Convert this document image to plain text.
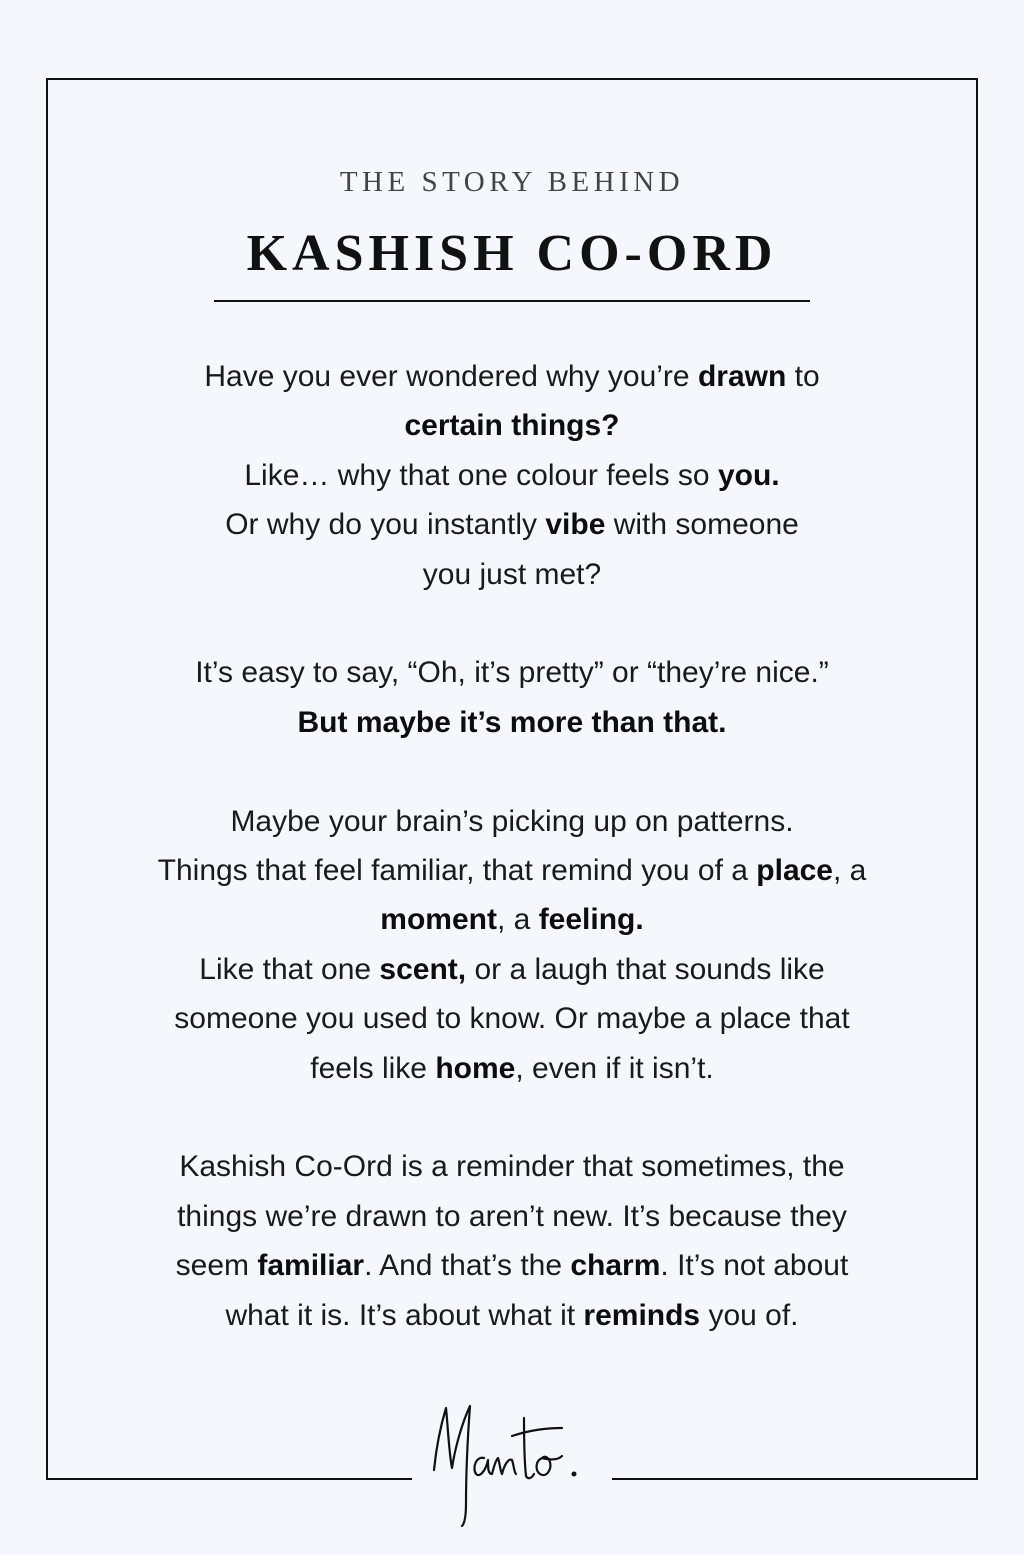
THE STORY BEHIND
KASHISH CO-ORD
Have you ever wondered why you’re drawn to
certain things?
Like… why that one colour feels so you.
Or why do you instantly vibe with someone
you just met?
It’s easy to say, “Oh, it’s pretty” or “they’re nice.”
But maybe it’s more than that.
Maybe your brain’s picking up on patterns.
Things that feel familiar, that remind you of a place, a
moment, a feeling.
Like that one scent, or a laugh that sounds like
someone you used to know. Or maybe a place that
feels like home, even if it isn’t.
Kashish Co-Ord is a reminder that sometimes, the
things we’re drawn to aren’t new. It’s because they
seem familiar. And that’s the charm. It’s not about
what it is. It’s about what it reminds you of.
